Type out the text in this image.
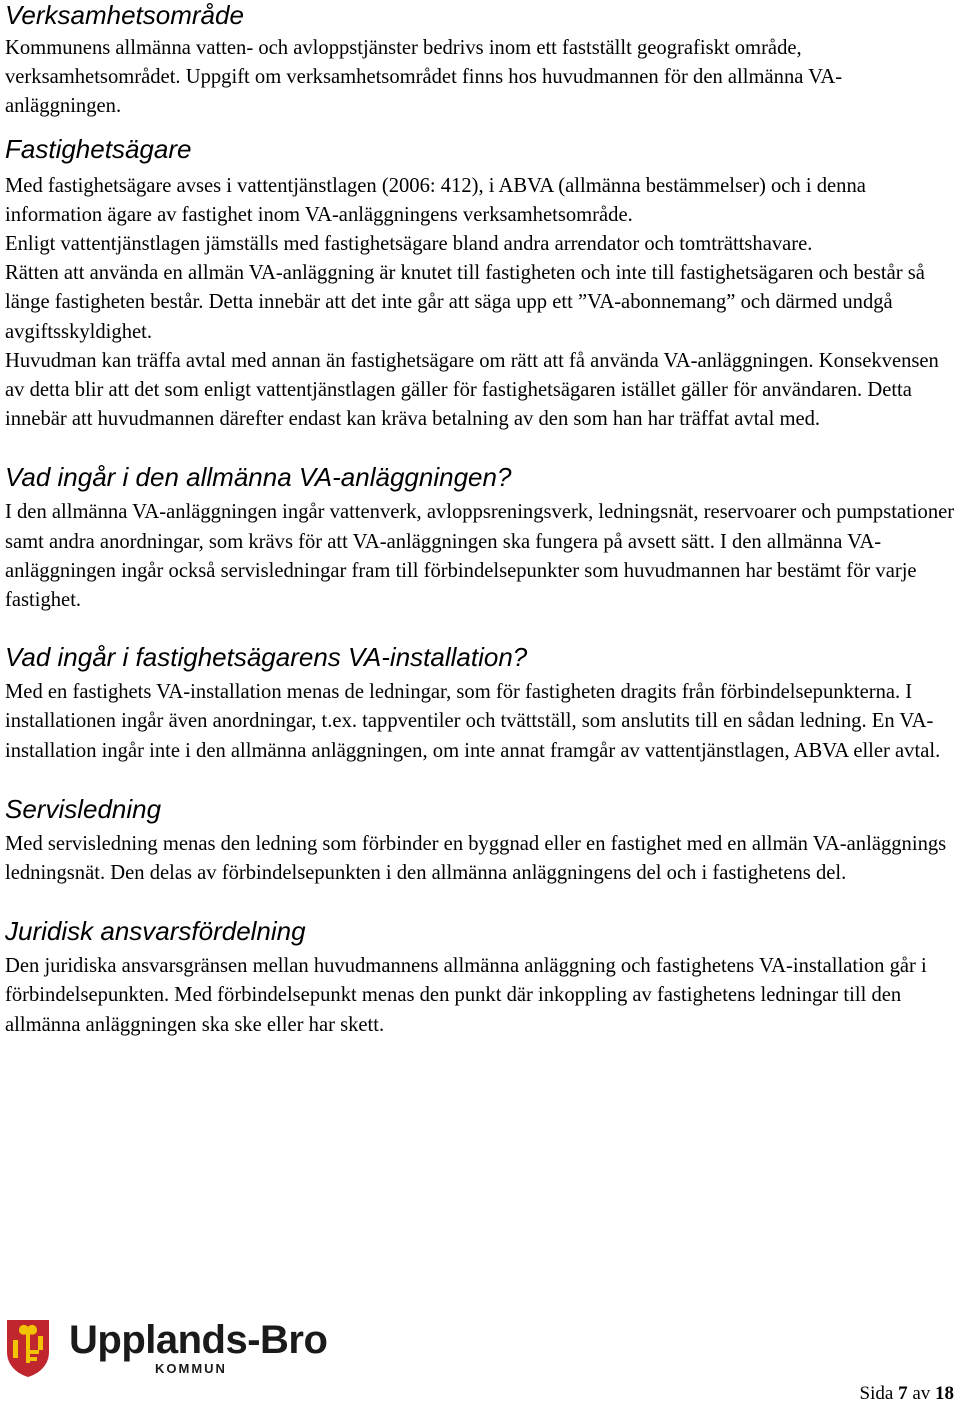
Verksamhetsområde

Kommunens allmänna vatten- och avloppstjänster bedrivs inom ett fastställt geografiskt område, verksamhetsområdet. Uppgift om verksamhetsområdet finns hos huvudmannen för den allmänna VA-anläggningen.

Fastighetsägare

Med fastighetsägare avses i vattentjänstlagen (2006: 412), i ABVA (allmänna bestämmelser) och i denna information ägare av fastighet inom VA-anläggningens verksamhetsområde.

Enligt vattentjänstlagen jämställs med fastighetsägare bland andra arrendator och tomträttshavare.

Rätten att använda en allmän VA-anläggning är knutet till fastigheten och inte till fastighetsägaren och består så länge fastigheten består. Detta innebär att det inte går att säga upp ett ”VA-abonnemang” och därmed undgå avgiftsskyldighet.

Huvudman kan träffa avtal med annan än fastighetsägare om rätt att få använda VA-anläggningen. Konsekvensen av detta blir att det som enligt vattentjänstlagen gäller för fastighetsägaren istället gäller för användaren. Detta innebär att huvudmannen därefter endast kan kräva betalning av den som han har träffat avtal med.

Vad ingår i den allmänna VA-anläggningen?

I den allmänna VA-anläggningen ingår vattenverk, avloppsreningsverk, ledningsnät, reservoarer och pumpstationer samt andra anordningar, som krävs för att VA-anläggningen ska fungera på avsett sätt. I den allmänna VA-anläggningen ingår också servisledningar fram till förbindelsepunkter som huvudmannen har bestämt för varje fastighet.

Vad ingår i fastighetsägarens VA-installation?

Med en fastighets VA-installation menas de ledningar, som för fastigheten dragits från förbindelsepunkterna. I installationen ingår även anordningar, t.ex. tappventiler och tvättställ, som anslutits till en sådan ledning. En VA-installation ingår inte i den allmänna anläggningen, om inte annat framgår av vattentjänstlagen, ABVA eller avtal.

Servisledning

Med servisledning menas den ledning som förbinder en byggnad eller en fastighet med en allmän VA-anläggnings ledningsnät. Den delas av förbindelsepunkten i den allmänna anläggningens del och i fastighetens del.

Juridisk ansvarsfördelning

Den juridiska ansvarsgränsen mellan huvudmannens allmänna anläggning och fastighetens VA-installation går i förbindelsepunkten. Med förbindelsepunkt menas den punkt där inkoppling av fastighetens ledningar till den allmänna anläggningen ska ske eller har skett.

Upplands-Bro
KOMMUN
Sida 7 av 18
